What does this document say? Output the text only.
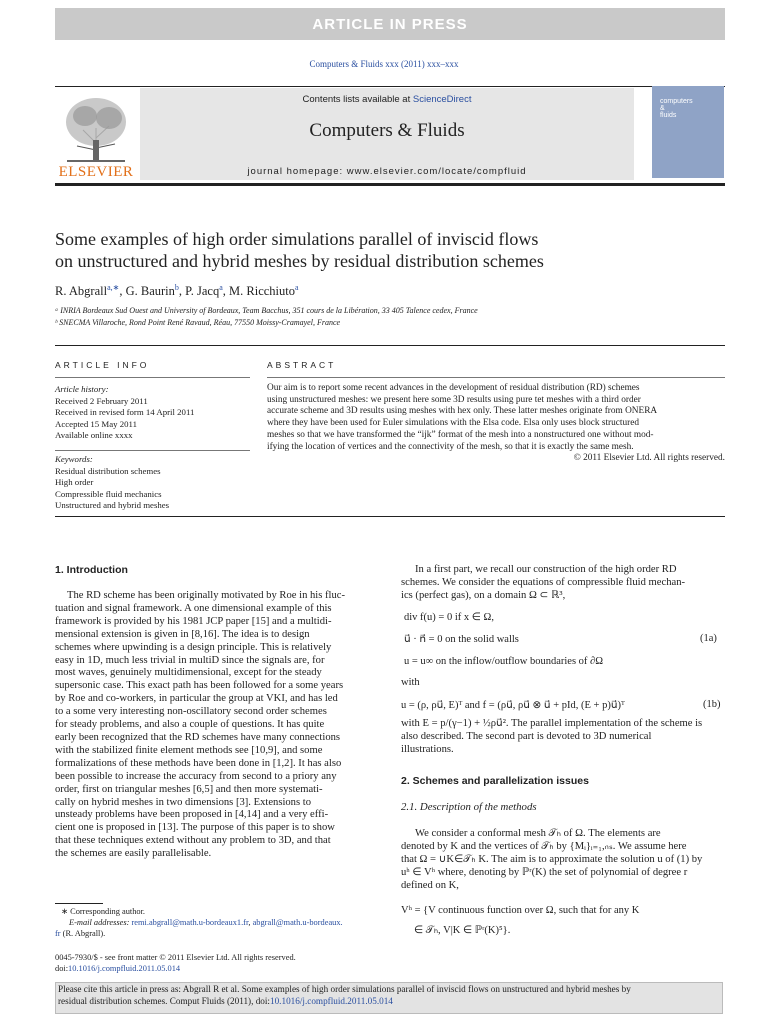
ARTICLE IN PRESS
Computers & Fluids xxx (2011) xxx–xxx
ELSEVIER
Contents lists available at ScienceDirect
Computers & Fluids
journal homepage: www.elsevier.com/locate/compfluid
computers
&
fluids
Some examples of high order simulations parallel of inviscid flows
on unstructured and hybrid meshes by residual distribution schemes
R. Abgrall$^{a,∗}$, G. Baurin$^b$, P. Jacq$^a$, M. Ricchiuto$^a$
ᵃ INRIA Bordeaux Sud Ouest and University of Bordeaux, Team Bacchus, 351 cours de la Libération, 33 405 Talence cedex, France
ᵇ SNECMA Villaroche, Rond Point René Ravaud, Réau, 77550 Moissy-Cramayel, France
ARTICLE INFO
Article history:
Received 2 February 2011
Received in revised form 14 April 2011
Accepted 15 May 2011
Available online xxxx
Keywords:
Residual distribution schemes
High order
Compressible fluid mechanics
Unstructured and hybrid meshes
ABSTRACT
Our aim is to report some recent advances in the development of residual distribution (RD) schemes
using unstructured meshes: we present here some 3D results using pure tet meshes with a third order
accurate scheme and 3D results using meshes with hex only. These latter meshes originate from ONERA
where they have been used for Euler simulations with the Elsa code. Elsa only uses block structured
meshes so that we have transformed the “ijk” format of the mesh into a nonstructured one without mod-
ifying the location of vertices and the connectivity of the mesh, so that it is exactly the same mesh.
© 2011 Elsevier Ltd. All rights reserved.
1. Introduction
The RD scheme has been originally motivated by Roe in his fluc-
tuation and signal framework. A one dimensional example of this
framework is provided by his 1981 JCP paper [15] and a multidi-
mensional extension is given in [8,16]. The idea is to design
schemes where upwinding is a design principle. This is relatively
easy in 1D, much less trivial in multiD since the signals are, for
most waves, genuinely multidimensional, except for the steady
supersonic case. This exact path has been followed for a some years
by Roe and co-workers, in particular the group at VKI, and has led
to a some very interesting non-oscillatory second order schemes
for steady problems, and also a couple of questions. It has quite
early been recognized that the RD schemes have many connections
with the stabilized finite element methods see [10,9], and some
formalizations of these methods have been done in [1,2]. It has also
been possible to increase the accuracy from second to a priory any
order, first on triangular meshes [6,5] and then more systemati-
cally on hybrid meshes in two dimensions [3]. Extensions to
unsteady problems have been proposed in [4,14] and a very effi-
cient one is proposed in [13]. The purpose of this paper is to show
that these techniques extend without any problem to 3D, and that
the schemes are easily parallelisable.
∗ Corresponding author.
E-mail addresses: remi.abgrall@math.u-bordeaux1.fr, abgrall@math.u-bordeaux.
fr (R. Abgrall).
0045-7930/$ - see front matter © 2011 Elsevier Ltd. All rights reserved.
doi:10.1016/j.compfluid.2011.05.014
In a first part, we recall our construction of the high order RD
schemes. We consider the equations of compressible fluid mechan-
ics (perfect gas), on a domain Ω ⊂ ℝ³,
div f(u) = 0 if x ∈ Ω,
u⃗ · n⃗ = 0 on the solid walls	(1a)
u = u∞ on the inflow/outflow boundaries of ∂Ω
with
u = (ρ, ρu⃗, E)ᵀ and f = (ρu⃗, ρu⃗ ⊗ u⃗ + pId, (E + p)u⃗)ᵀ	(1b)
with E = p/(γ−1) + ½ρu⃗². The parallel implementation of the scheme is
also described. The second part is devoted to 3D numerical
illustrations.
2. Schemes and parallelization issues
2.1. Description of the methods
We consider a conformal mesh 𝒯ₕ of Ω. The elements are
denoted by K and the vertices of 𝒯ₕ by {Mᵢ}ᵢ₌₁,ₙₛ. We assume here
that Ω = ∪K∈𝒯ₕ K. The aim is to approximate the solution u of (1) by
uʰ ∈ Vʰ where, denoting by ℙʳ(K) the set of polynomial of degree r
defined on K,
Vʰ = {V continuous function over Ω, such that for any K
∈ 𝒯ₕ, V|K ∈ ℙʳ(K)⁵}.
Please cite this article in press as: Abgrall R et al. Some examples of high order simulations parallel of inviscid flows on unstructured and hybrid meshes by
residual distribution schemes. Comput Fluids (2011), doi:10.1016/j.compfluid.2011.05.014
